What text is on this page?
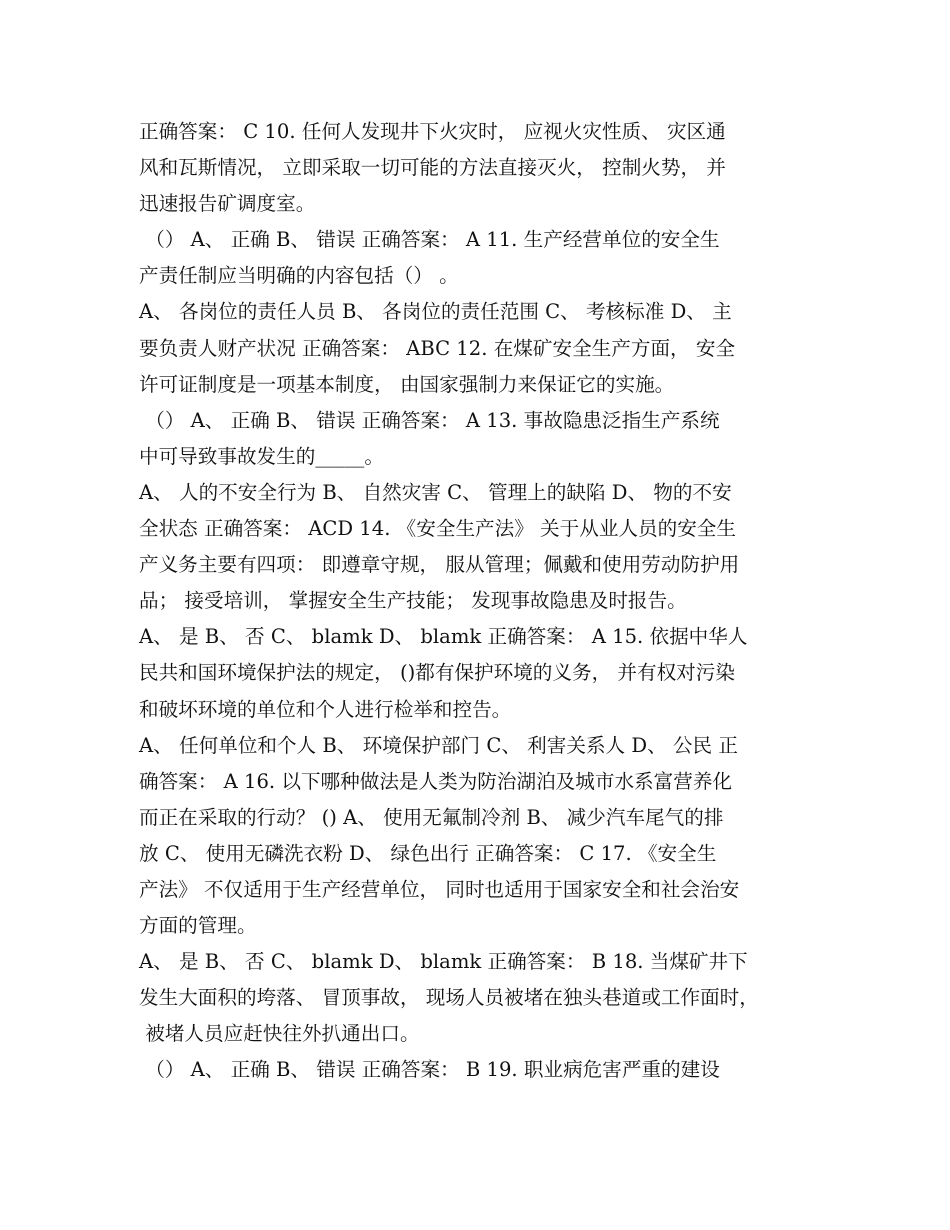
正确答案： C 10. 任何人发现井下火灾时， 应视火灾性质、 灾区通
风和瓦斯情况， 立即采取一切可能的方法直接灭火， 控制火势， 并
迅速报告矿调度室。
（） A、 正确 B、 错误 正确答案： A 11. 生产经营单位的安全生
产责任制应当明确的内容包括（） 。
A、 各岗位的责任人员 B、 各岗位的责任范围 C、 考核标准 D、 主
要负责人财产状况 正确答案： ABC 12. 在煤矿安全生产方面， 安全
许可证制度是一项基本制度， 由国家强制力来保证它的实施。
（） A、 正确 B、 错误 正确答案： A 13. 事故隐患泛指生产系统
中可导致事故发生的_____。
A、 人的不安全行为 B、 自然灾害 C、 管理上的缺陷 D、 物的不安
全状态 正确答案： ACD 14. 《安全生产法》 关于从业人员的安全生
产义务主要有四项： 即遵章守规， 服从管理；佩戴和使用劳动防护用
品； 接受培训， 掌握安全生产技能； 发现事故隐患及时报告。
A、 是 B、 否 C、 blamk D、 blamk 正确答案： A 15. 依据中华人
民共和国环境保护法的规定， ()都有保护环境的义务， 并有权对污染
和破坏环境的单位和个人进行检举和控告。
A、 任何单位和个人 B、 环境保护部门 C、 利害关系人 D、 公民 正
确答案： A 16. 以下哪种做法是人类为防治湖泊及城市水系富营养化
而正在采取的行动？ () A、 使用无氟制冷剂 B、 减少汽车尾气的排
放 C、 使用无磷洗衣粉 D、 绿色出行 正确答案： C 17. 《安全生
产法》 不仅适用于生产经营单位， 同时也适用于国家安全和社会治安
方面的管理。
A、 是 B、 否 C、 blamk D、 blamk 正确答案： B 18. 当煤矿井下
发生大面积的垮落、 冒顶事故， 现场人员被堵在独头巷道或工作面时，
被堵人员应赶快往外扒通出口。
（） A、 正确 B、 错误 正确答案： B 19. 职业病危害严重的建设
